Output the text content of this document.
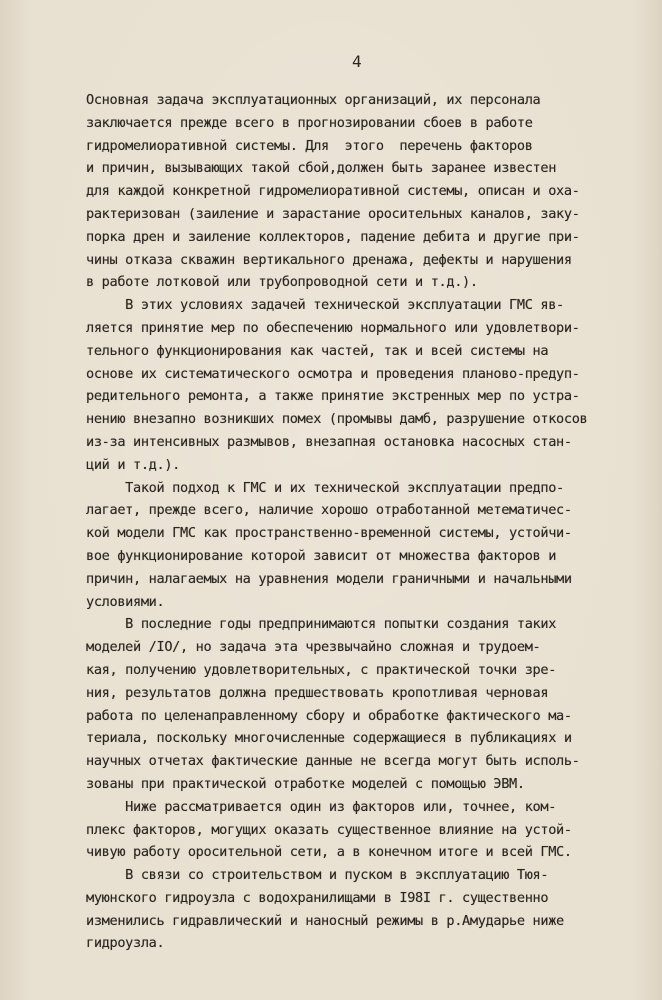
4
Основная задача эксплуатационных организаций, их персонала
заключается прежде всего в прогнозировании сбоев в работе
гидромелиоративной системы. Для  этого  перечень факторов
и причин, вызывающих такой сбой,должен быть заранее известен
для каждой конкретной гидромелиоративной системы, описан и оха-
рактеризован (заиление и зарастание оросительных каналов, заку-
порка дрен и заиление коллекторов, падение дебита и другие при-
чины отказа скважин вертикального дренажа, дефекты и нарушения
в работе лотковой или трубопроводной сети и т.д.).
В этих условиях задачей технической эксплуатации ГМС яв-
ляется принятие мер по обеспечению нормального или удовлетвори-
тельного функционирования как частей, так и всей системы на
основе их систематического осмотра и проведения планово-предуп-
редительного ремонта, а также принятие экстренных мер по устра-
нению внезапно возникших помех (промывы дамб, разрушение откосов
из-за интенсивных размывов, внезапная остановка насосных стан-
ций и т.д.).
Такой подход к ГМС и их технической эксплуатации предпо-
лагает, прежде всего, наличие хорошо отработанной метематичес-
кой модели ГМС как пространственно-временной системы, устойчи-
вое функционирование которой зависит от множества факторов и
причин, налагаемых на уравнения модели граничными и начальными
условиями.
В последние годы предпринимаются попытки создания таких
моделей /IO/, но задача эта чрезвычайно сложная и трудоем-
кая, получению удовлетворительных, с практической точки зре-
ния, результатов должна предшествовать кропотливая черновая
работа по целенаправленному сбору и обработке фактического ма-
териала, поскольку многочисленные содержащиеся в публикациях и
научных отчетах фактические данные не всегда могут быть исполь-
зованы при практической отработке моделей с помощью ЭВМ.
Ниже рассматривается один из факторов или, точнее, ком-
плекс факторов, могущих оказать существенное влияние на устой-
чивую работу оросительной сети, а в конечном итоге и всей ГМС.
В связи со строительством и пуском в эксплуатацию Тюя-
муюнского гидроузла с водохранилищами в I98I г. существенно
изменились гидравлический и наносный режимы в р.Амударье ниже
гидроузла.
